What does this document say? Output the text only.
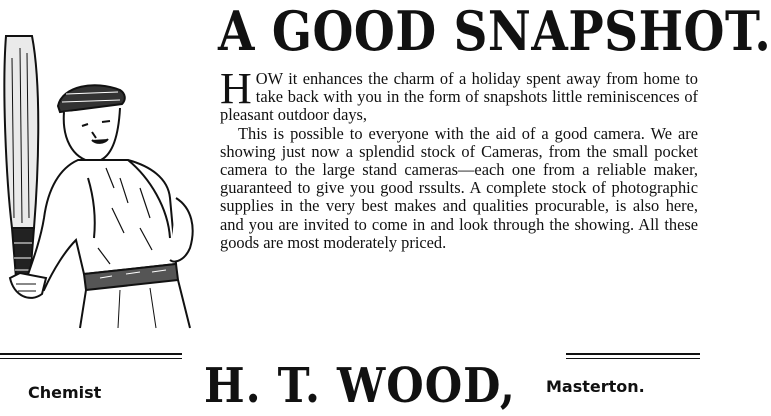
A GOOD SNAPSHOT.

HOW it enhances the charm of a holiday spent away from home to take back with you in the form of snapshots little reminiscences of pleasant outdoor days,

This is possible to everyone with the aid of a good camera. We are showing just now a splendid stock of Cameras, from the small pocket camera to the large stand cameras—each one from a reliable maker, guaranteed to give you good rssults. A complete stock of photographic supplies in the very best makes and qualities procurable, is also here, and you are invited to come in and look through the showing. All these goods are most moderately priced.

Chemist H. T. WOOD, Masterton.
